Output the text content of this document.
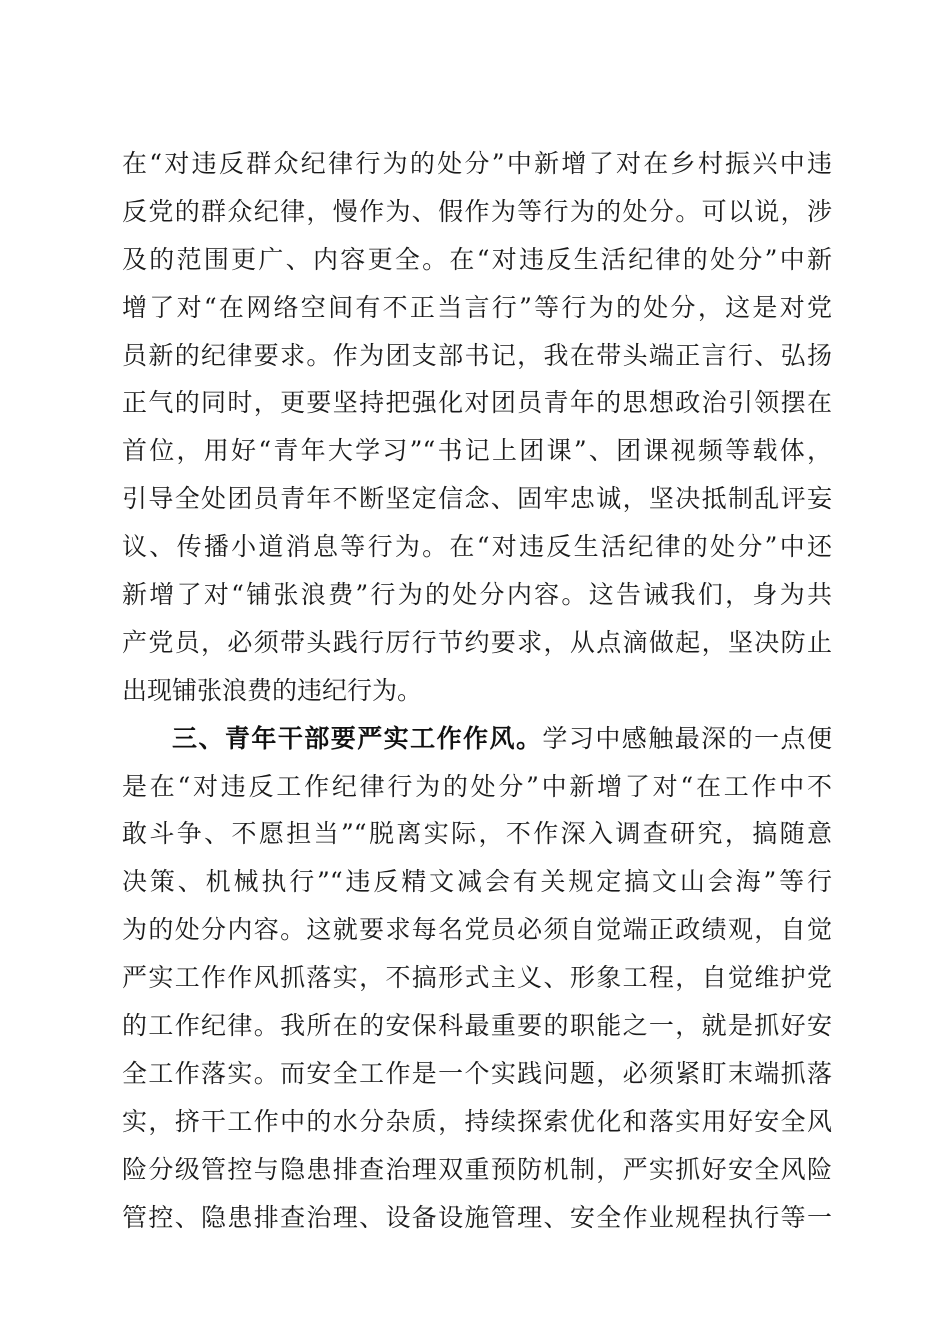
在“对违反群众纪律行为的处分”中新增了对在乡村振兴中违
反党的群众纪律，慢作为、假作为等行为的处分。可以说，涉
及的范围更广、内容更全。在“对违反生活纪律的处分”中新
增了对“在网络空间有不正当言行”等行为的处分，这是对党
员新的纪律要求。作为团支部书记，我在带头端正言行、弘扬
正气的同时，更要坚持把强化对团员青年的思想政治引领摆在
首位，用好“青年大学习”“书记上团课”、团课视频等载体，
引导全处团员青年不断坚定信念、固牢忠诚，坚决抵制乱评妄
议、传播小道消息等行为。在“对违反生活纪律的处分”中还
新增了对“铺张浪费”行为的处分内容。这告诫我们，身为共
产党员，必须带头践行厉行节约要求，从点滴做起，坚决防止
出现铺张浪费的违纪行为。
三、青年干部要严实工作作风。学习中感触最深的一点便
是在“对违反工作纪律行为的处分”中新增了对“在工作中不
敢斗争、不愿担当”“脱离实际，不作深入调查研究，搞随意
决策、机械执行”“违反精文减会有关规定搞文山会海”等行
为的处分内容。这就要求每名党员必须自觉端正政绩观，自觉
严实工作作风抓落实，不搞形式主义、形象工程，自觉维护党
的工作纪律。我所在的安保科最重要的职能之一，就是抓好安
全工作落实。而安全工作是一个实践问题，必须紧盯末端抓落
实，挤干工作中的水分杂质，持续探索优化和落实用好安全风
险分级管控与隐患排查治理双重预防机制，严实抓好安全风险
管控、隐患排查治理、设备设施管理、安全作业规程执行等一
